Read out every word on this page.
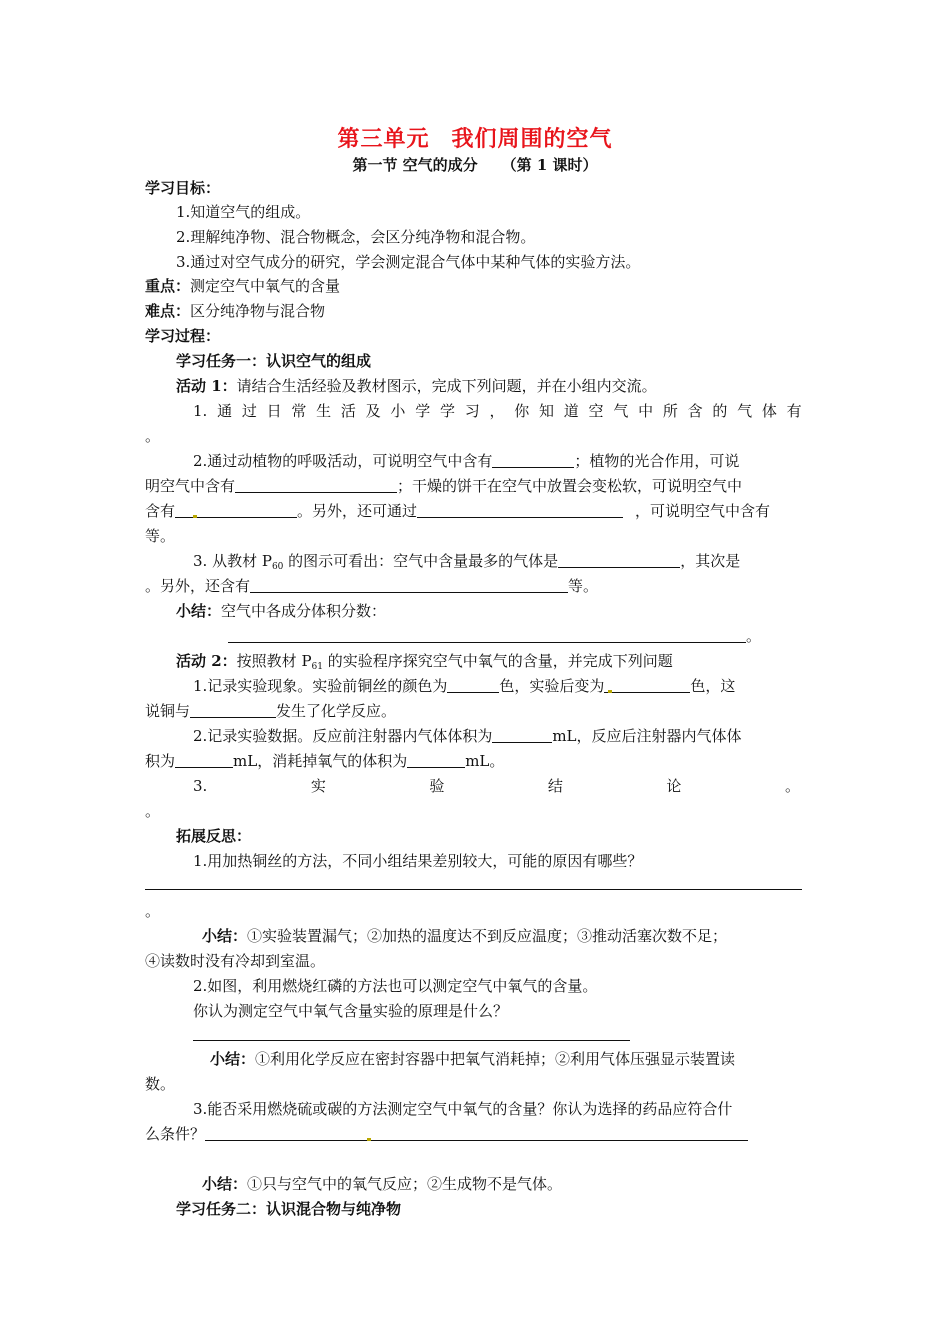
第三单元 我们周围的空气
第一节 空气的成分 （第 1 课时）
学习目标：
1.知道空气的组成。
2.理解纯净物、混合物概念，会区分纯净物和混合物。
3.通过对空气成分的研究，学会测定混合气体中某种气体的实验方法。
重点：测定空气中氧气的含量
难点：区分纯净物与混合物
学习过程：
学习任务一：认识空气的组成
活动 1：请结合生活经验及教材图示，完成下列问题，并在小组内交流。
1. 通 过 日 常 生 活 及 小 学 学 习 ， 你 知 道 空 气 中 所 含 的 气 体 有
。
2.通过动植物的呼吸活动，可说明空气中含有	；植物的光合作用，可说
明空气中含有	；干燥的饼干在空气中放置会变松软，可说明空气中
含有	。另外，还可通过	，可说明空气中含有
等。
3. 从教材 $P_{60}$ 的图示可看出：空气中含量最多的气体是	，其次是
。另外，还含有	等。
小结：空气中各成分体积分数：
。
活动 2：按照教材 $P_{61}$ 的实验程序探究空气中氧气的含量，并完成下列问题
1.记录实验现象。实验前铜丝的颜色为	色，实验后变为	色，这
说铜与	发生了化学反应。
2.记录实验数据。反应前注射器内气体体积为	mL，反应后注射器内气体体
积为	mL，消耗掉氧气的体积为	mL。
3.	实	验	结	论	。
。
拓展反思：
1.用加热铜丝的方法，不同小组结果差别较大，可能的原因有哪些？
。
小结：①实验装置漏气；②加热的温度达不到反应温度；③推动活塞次数不足；
④读数时没有冷却到室温。
2.如图，利用燃烧红磷的方法也可以测定空气中氧气的含量。
你认为测定空气中氧气含量实验的原理是什么？
小结：①利用化学反应在密封容器中把氧气消耗掉；②利用气体压强显示装置读
数。
3.能否采用燃烧硫或碳的方法测定空气中氧气的含量？你认为选择的药品应符合什
么条件？
小结：①只与空气中的氧气反应；②生成物不是气体。
学习任务二：认识混合物与纯净物
